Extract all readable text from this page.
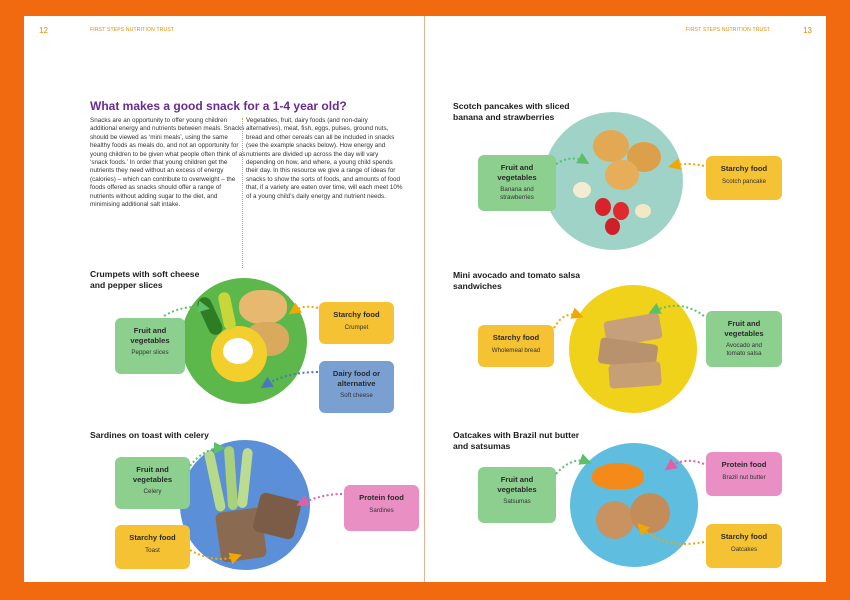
12	FIRST STEPS NUTRITION TRUST
What makes a good snack for a 1-4 year old?
Snacks are an opportunity to offer young children additional energy and nutrients between meals. Snacks should be viewed as ‘mini meals’, using the same healthy foods as meals do, and not an opportunity for young children to be given what people often think of as ‘snack foods.’ In order that young children get the nutrients they need without an excess of energy (calories) – which can contribute to overweight – the foods offered as snacks should offer a range of nutrients without adding sugar to the diet, and minimising additional salt intake.
Vegetables, fruit, dairy foods (and non-dairy alternatives), meat, fish, eggs, pulses, ground nuts, bread and other cereals can all be included in snacks (see the example snacks below). How energy and nutrients are divided up across the day will vary depending on how, and where, a young child spends their day. In this resource we give a range of ideas for snacks to show the sorts of foods, and amounts of food that, if a variety are eaten over time, will each meet 10% of a young child’s daily energy and nutrient needs.
Crumpets with soft cheese
and pepper slices
Fruit and
vegetables
Pepper slices
Starchy food
Crumpet
Dairy food or
alternative
Soft cheese
Sardines on toast with celery
Fruit and
vegetables
Celery
Protein food
Sardines
Starchy food
Toast
FIRST STEPS NUTRITION TRUST	13
Scotch pancakes with sliced
banana and strawberries
Fruit and
vegetables
Banana and
strawberries
Starchy food
Scotch pancake
Mini avocado and tomato salsa
sandwiches
Starchy food
Wholemeal bread
Fruit and
vegetables
Avocado and
tomato salsa
Oatcakes with Brazil nut butter
and satsumas
Fruit and
vegetables
Satsumas
Protein food
Brazil nut butter
Starchy food
Oatcakes
